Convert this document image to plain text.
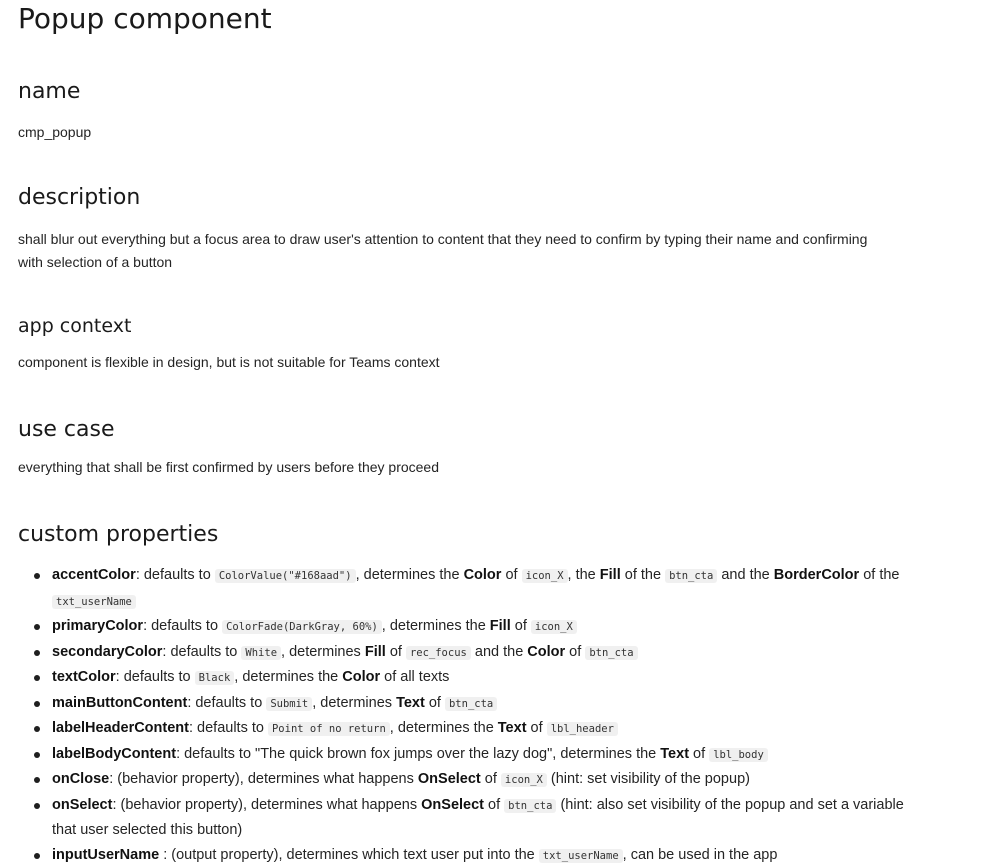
Popup component
name

cmp_popup

description

shall blur out everything but a focus area to draw user's attention to content that they need to confirm by typing their name and confirming with selection of a button

app context

component is flexible in design, but is not suitable for Teams context

use case

everything that shall be first confirmed by users before they proceed

custom properties
accentColor: defaults to ColorValue("#168aad") , determines the Color of icon_X , the Fill of the btn_cta and the BorderColor of the txt_userName
primaryColor: defaults to ColorFade(DarkGray, 60%) , determines the Fill of icon_X
secondaryColor: defaults to White , determines Fill of rec_focus and the Color of btn_cta
textColor: defaults to Black , determines the Color of all texts
mainButtonContent: defaults to Submit , determines Text of btn_cta
labelHeaderContent: defaults to Point of no return , determines the Text of lbl_header
labelBodyContent: defaults to "The quick brown fox jumps over the lazy dog", determines the Text of lbl_body
onClose: (behavior property), determines what happens OnSelect of icon_X (hint: set visibility of the popup)
onSelect: (behavior property), determines what happens OnSelect of btn_cta (hint: also set visibility of the popup and set a variable that user selected this button)
inputUserName : (output property), determines which text user put into the txt_userName , can be used in the app
